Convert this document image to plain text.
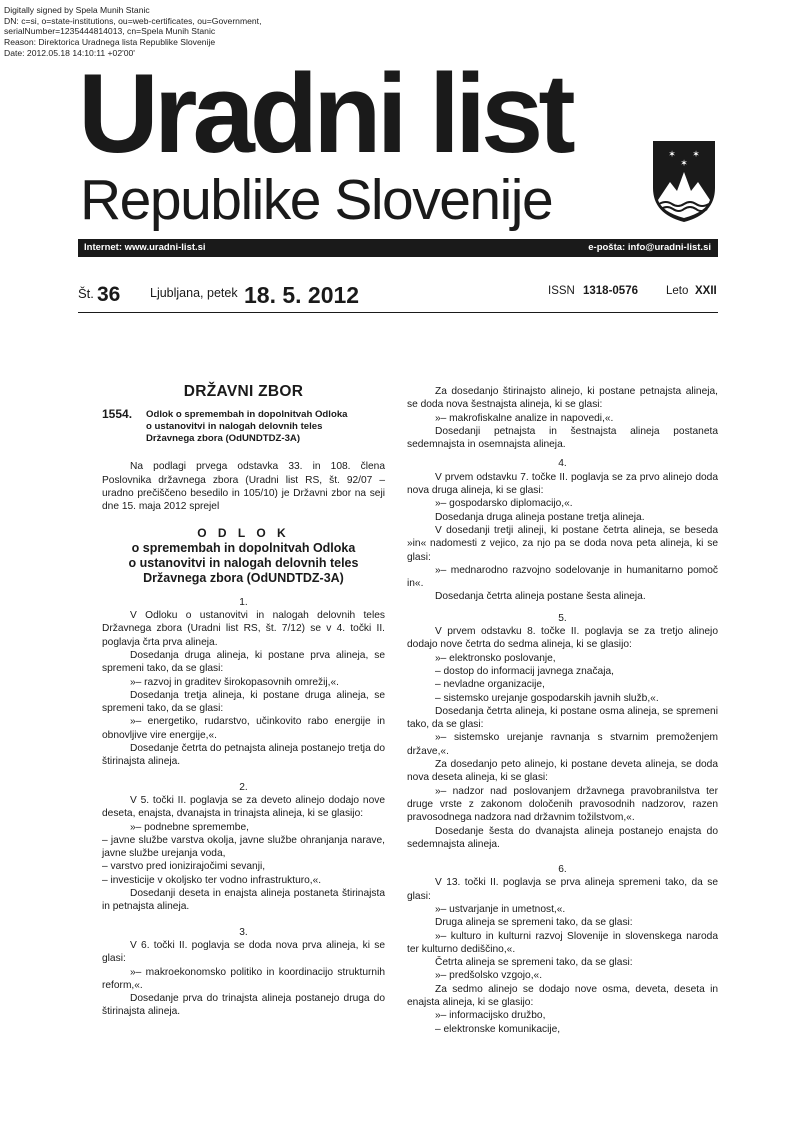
Digitally signed by Spela Munih Stanic
DN: c=si, o=state-institutions, ou=web-certificates, ou=Government,
serialNumber=1235444814013, cn=Spela Munih Stanic
Reason: Direktorica Uradnega lista Republike Slovenije
Date: 2012.05.18 14:10:11 +02'00'
Uradni list
Republike Slovenije
✶ ✶
✶
Internet: www.uradni-list.si	e-pošta: info@uradni-list.si
Št. 36 Ljubljana, petek 18. 5. 2012	ISSN 1318-0576 Leto XXII

DRŽAVNI ZBOR

1554. Odlok o spremembah in dopolnitvah Odloka
o ustanovitvi in nalogah delovnih teles
Državnega zbora (OdUNDTDZ-3A)

Na podlagi prvega odstavka 33. in 108. člena Poslovnika državnega zbora (Uradni list RS, št. 92/07 – uradno prečiščeno besedilo in 105/10) je Državni zbor na seji dne 15. maja 2012 sprejel

O D L O K

o spremembah in dopolnitvah Odloka
o ustanovitvi in nalogah delovnih teles
Državnega zbora (OdUNDTDZ-3A)

1.

V Odloku o ustanovitvi in nalogah delovnih teles Državnega zbora (Uradni list RS, št. 7/12) se v 4. točki II. poglavja črta prva alineja.

Dosedanja druga alineja, ki postane prva alineja, se spremeni tako, da se glasi:

»– razvoj in graditev širokopasovnih omrežij,«.

Dosedanja tretja alineja, ki postane druga alineja, se spremeni tako, da se glasi:

»– energetiko, rudarstvo, učinkovito rabo energije in obnovljive vire energije,«.

Dosedanje četrta do petnajsta alineja postanejo tretja do štirinajsta alineja.

2.

V 5. točki II. poglavja se za deveto alinejo dodajo nove deseta, enajsta, dvanajsta in trinajsta alineja, ki se glasijo:

»– podnebne spremembe,

– javne službe varstva okolja, javne službe ohranjanja narave, javne službe urejanja voda,

– varstvo pred ionizirajočimi sevanji,

– investicije v okoljsko ter vodno infrastrukturo,«.

Dosedanji deseta in enajsta alineja postaneta štirinajsta in petnajsta alineja.

3.

V 6. točki II. poglavja se doda nova prva alineja, ki se glasi:

»– makroekonomsko politiko in koordinacijo strukturnih reform,«.

Dosedanje prva do trinajsta alineja postanejo druga do štirinajsta alineja.

Za dosedanjo štirinajsto alinejo, ki postane petnajsta alineja, se doda nova šestnajsta alineja, ki se glasi:

»– makrofiskalne analize in napovedi,«.

Dosedanji petnajsta in šestnajsta alineja postaneta sedemnajsta in osemnajsta alineja.

4.

V prvem odstavku 7. točke II. poglavja se za prvo alinejo doda nova druga alineja, ki se glasi:

»– gospodarsko diplomacijo,«.

Dosedanja druga alineja postane tretja alineja.

V dosedanji tretji alineji, ki postane četrta alineja, se beseda »in« nadomesti z vejico, za njo pa se doda nova peta alineja, ki se glasi:

»– mednarodno razvojno sodelovanje in humanitarno pomoč in«.

Dosedanja četrta alineja postane šesta alineja.

5.

V prvem odstavku 8. točke II. poglavja se za tretjo alinejo dodajo nove četrta do sedma alineja, ki se glasijo:

»– elektronsko poslovanje,

– dostop do informacij javnega značaja,

– nevladne organizacije,

– sistemsko urejanje gospodarskih javnih služb,«.

Dosedanja četrta alineja, ki postane osma alineja, se spremeni tako, da se glasi:

»– sistemsko urejanje ravnanja s stvarnim premoženjem države,«.

Za dosedanjo peto alinejo, ki postane deveta alineja, se doda nova deseta alineja, ki se glasi:

»– nadzor nad poslovanjem državnega pravobranilstva ter druge vrste z zakonom določenih pravosodnih nadzorov, razen pravosodnega nadzora nad državnim tožilstvom,«.

Dosedanje šesta do dvanajsta alineja postanejo enajsta do sedemnajsta alineja.

6.

V 13. točki II. poglavja se prva alineja spremeni tako, da se glasi:

»– ustvarjanje in umetnost,«.

Druga alineja se spremeni tako, da se glasi:

»– kulturo in kulturni razvoj Slovenije in slovenskega naroda ter kulturno dediščino,«.

Četrta alineja se spremeni tako, da se glasi:

»– predšolsko vzgojo,«.

Za sedmo alinejo se dodajo nove osma, deveta, deseta in enajsta alineja, ki se glasijo:

»– informacijsko družbo,

– elektronske komunikacije,
